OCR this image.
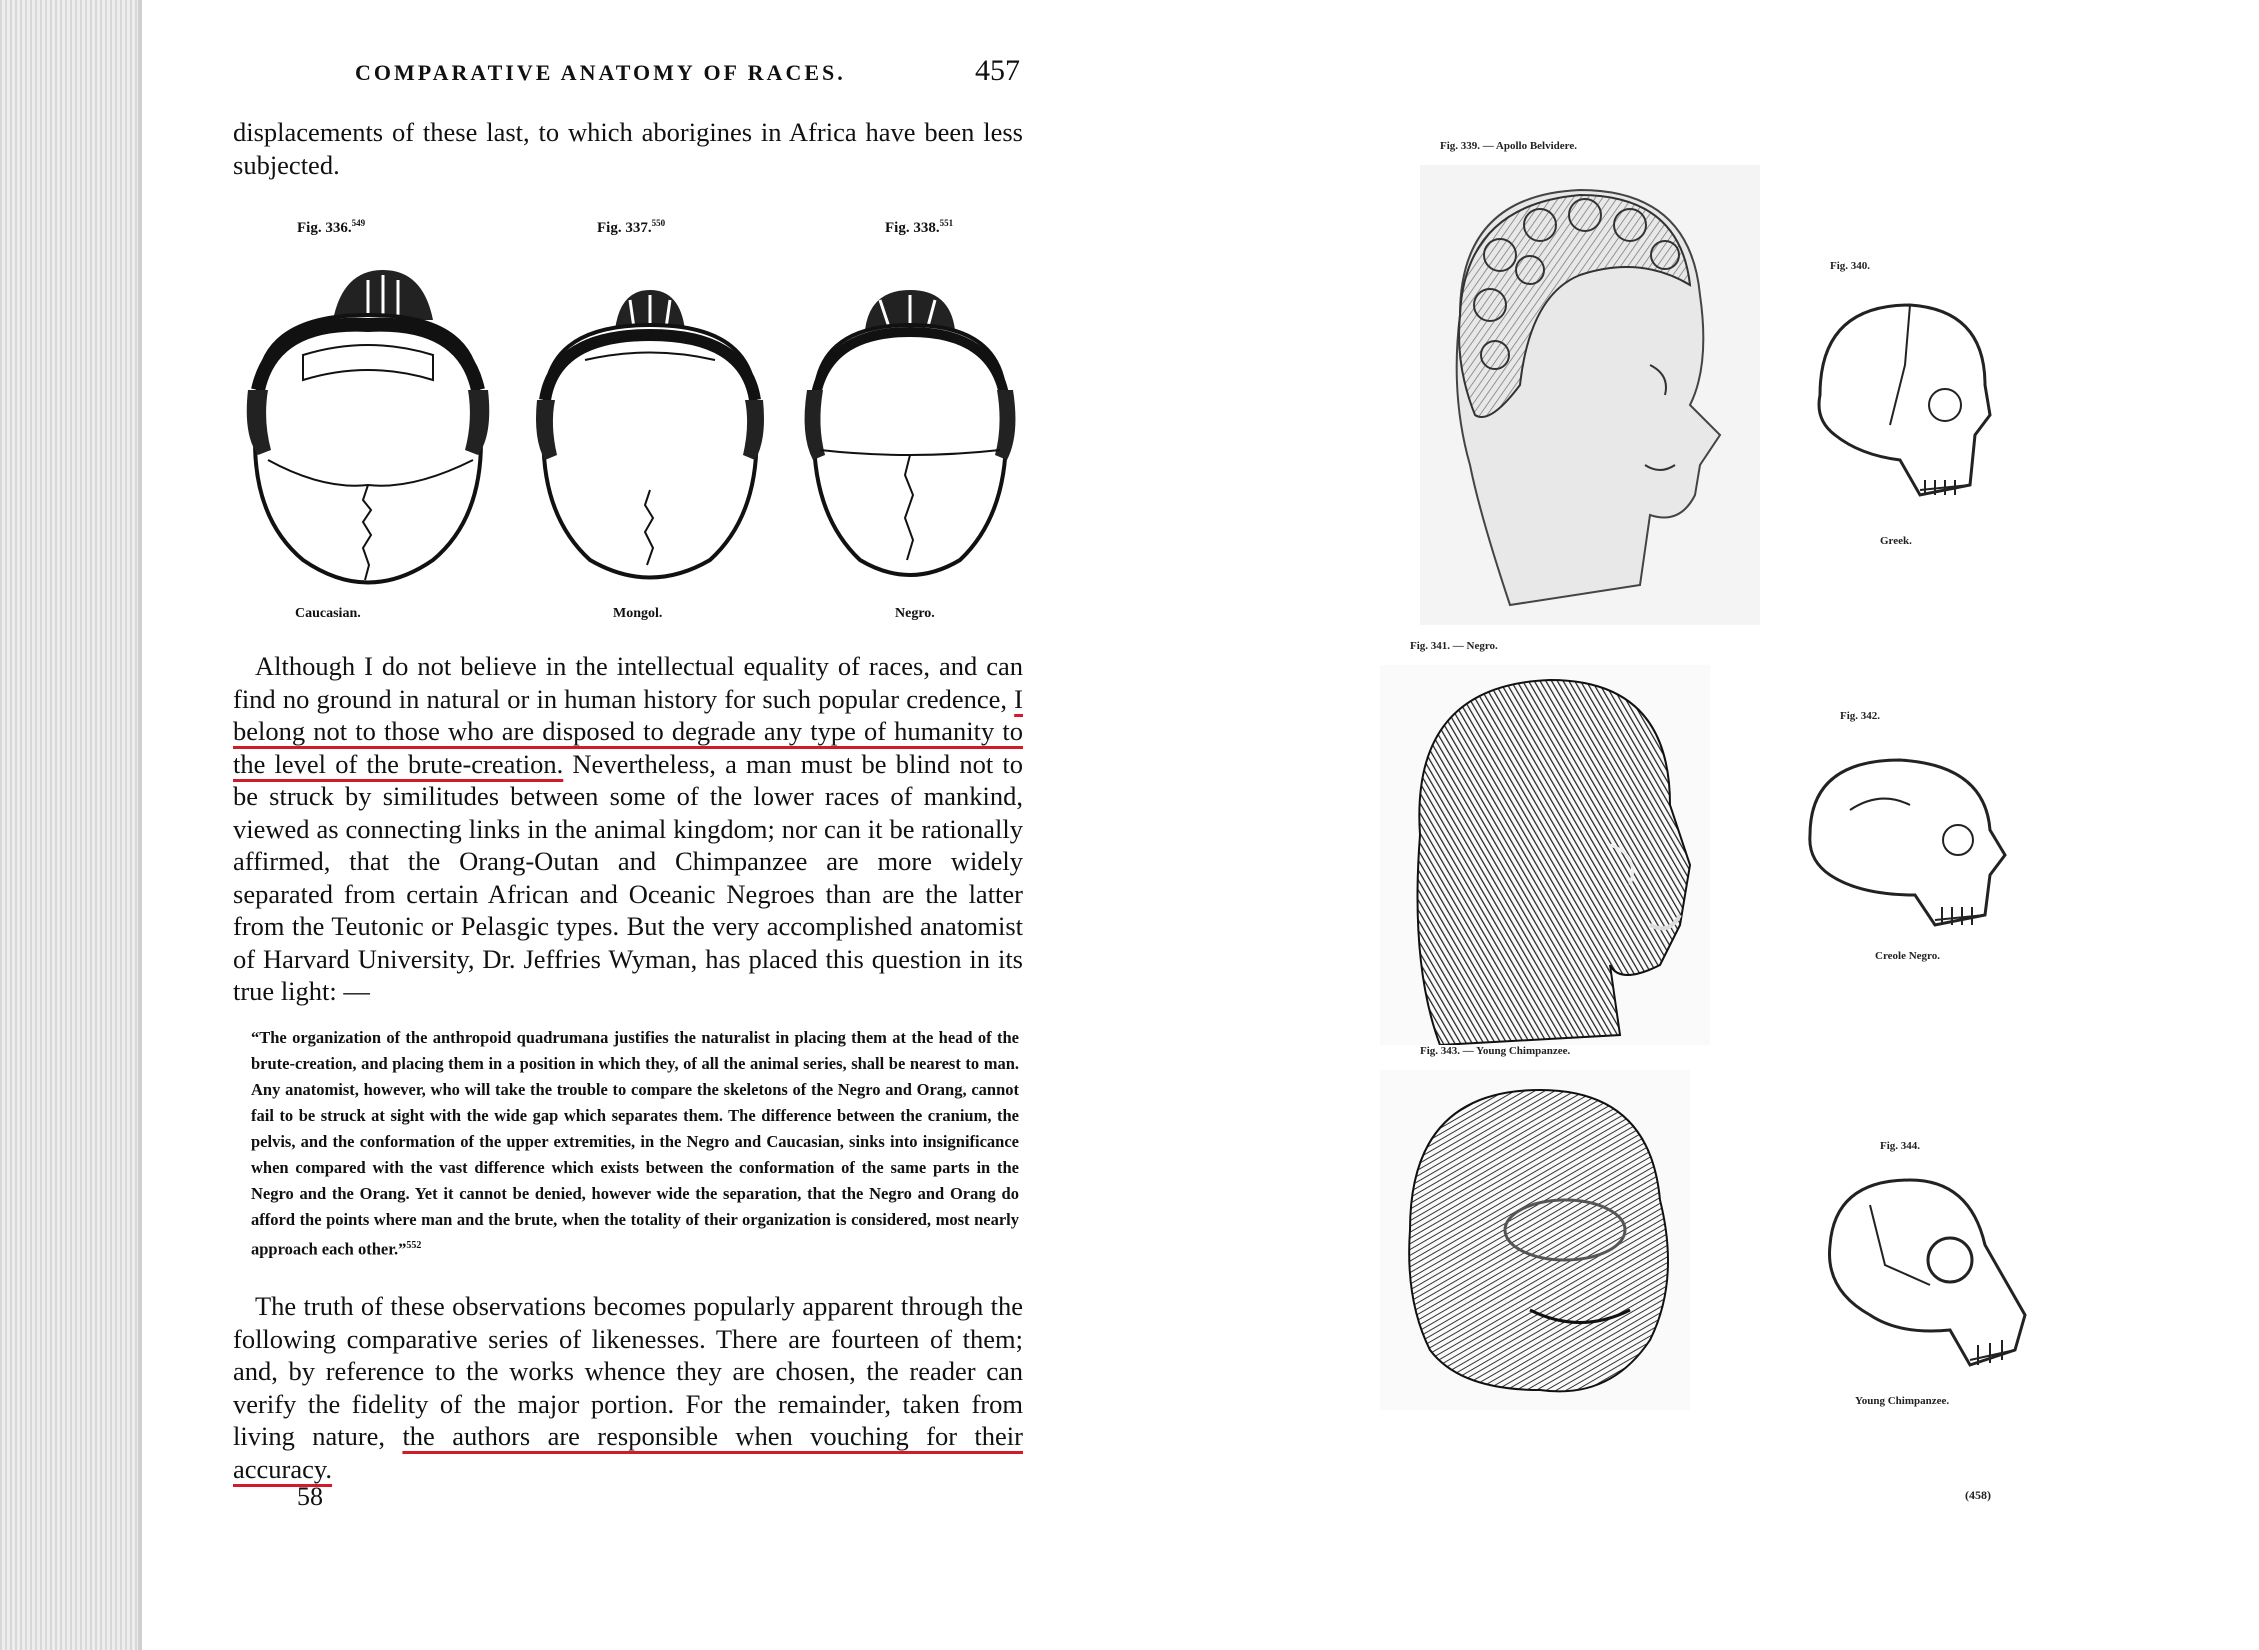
COMPARATIVE ANATOMY OF RACES.	457
displacements of these last, to which aborigines in Africa have been less subjected.
Fig. 336.$^{549}$	Fig. 337.$^{550}$	Fig. 338.$^{551}$
Caucasian.	Mongol.	Negro.
Although I do not believe in the intellectual equality of races, and can find no ground in natural or in human history for such popular credence, I belong not to those who are disposed to degrade any type of humanity to the level of the brute-creation. Nevertheless, a man must be blind not to be struck by similitudes between some of the lower races of mankind, viewed as connecting links in the animal kingdom; nor can it be rationally affirmed, that the Orang-Outan and Chimpanzee are more widely separated from certain African and Oceanic Negroes than are the latter from the Teutonic or Pelasgic types. But the very accomplished anatomist of Harvard University, Dr. Jeffries Wyman, has placed this question in its true light: —
“The organization of the anthropoid quadrumana justifies the naturalist in placing them at the head of the brute-creation, and placing them in a position in which they, of all the animal series, shall be nearest to man. Any anatomist, however, who will take the trouble to compare the skeletons of the Negro and Orang, cannot fail to be struck at sight with the wide gap which separates them. The difference between the cranium, the pelvis, and the conformation of the upper extremities, in the Negro and Caucasian, sinks into insignificance when compared with the vast difference which exists between the conformation of the same parts in the Negro and the Orang. Yet it cannot be denied, however wide the separation, that the Negro and Orang do afford the points where man and the brute, when the totality of their organization is considered, most nearly approach each other.”$^{552}$
The truth of these observations becomes popularly apparent through the following comparative series of likenesses. There are fourteen of them; and, by reference to the works whence they are chosen, the reader can verify the fidelity of the major portion. For the remainder, taken from living nature, the authors are responsible when vouching for their accuracy.
58
Fig. 339. — Apollo Belvidere.
Fig. 340.
Greek.
Fig. 341. — Negro.
Fig. 342.
Creole Negro.
Fig. 343. — Young Chimpanzee.
Fig. 344.
Young Chimpanzee.
(458)
